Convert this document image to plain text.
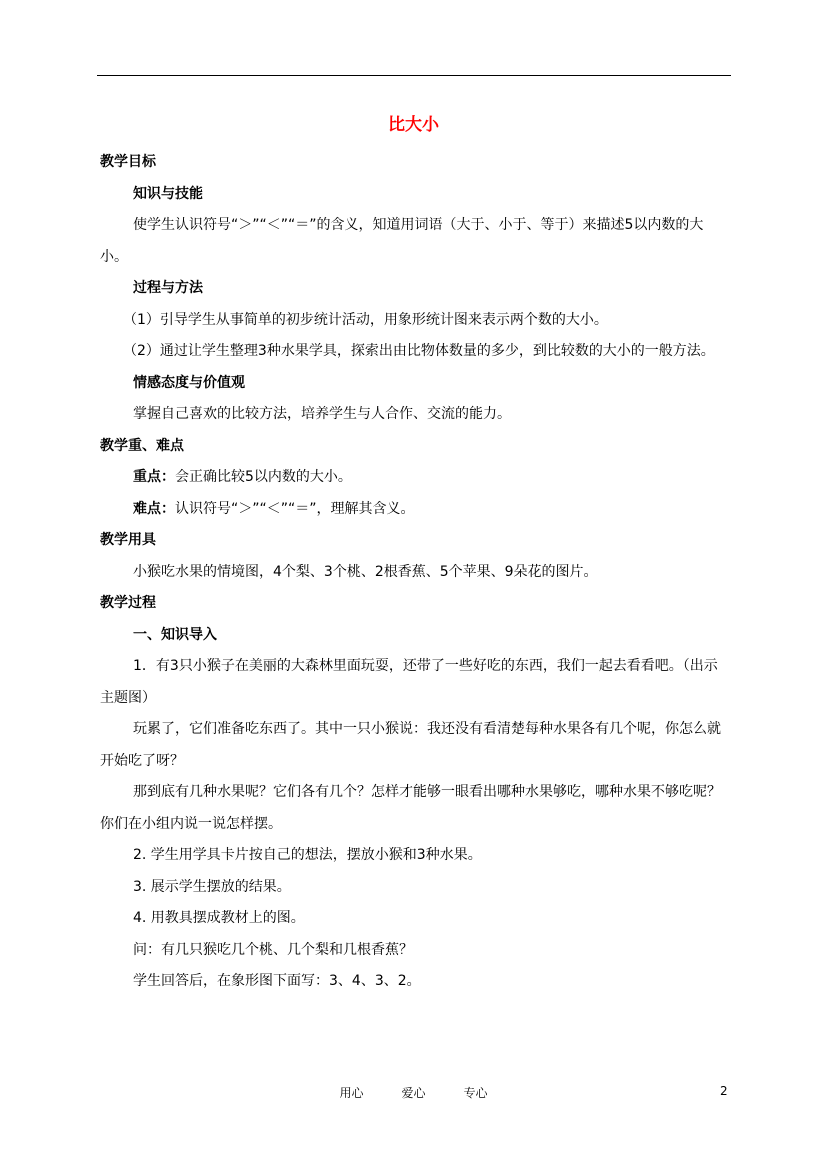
比大小

教学目标

知识与技能

使学生认识符号“＞”“＜”“＝”的含义，知道用词语（大于、小于、等于）来描述5以内数的大小。

过程与方法

（1）引导学生从事简单的初步统计活动，用象形统计图来表示两个数的大小。

（2）通过让学生整理3种水果学具，探索出由比物体数量的多少，到比较数的大小的一般方法。

情感态度与价值观

掌握自己喜欢的比较方法，培养学生与人合作、交流的能力。

教学重、难点

重点：会正确比较5以内数的大小。

难点：认识符号“＞”“＜”“＝”，理解其含义。

教学用具

小猴吃水果的情境图，4个梨、3个桃、2根香蕉、5个苹果、9朵花的图片。

教学过程

一、知识导入

1．有3只小猴子在美丽的大森林里面玩耍，还带了一些好吃的东西，我们一起去看看吧。（出示主题图）

玩累了，它们准备吃东西了。其中一只小猴说：我还没有看清楚每种水果各有几个呢，你怎么就开始吃了呀？

那到底有几种水果呢？它们各有几个？怎样才能够一眼看出哪种水果够吃，哪种水果不够吃呢？你们在小组内说一说怎样摆。

2. 学生用学具卡片按自己的想法，摆放小猴和3种水果。

3. 展示学生摆放的结果。

4. 用教具摆成教材上的图。

问：有几只猴吃几个桃、几个梨和几根香蕉？

学生回答后，在象形图下面写：3、4、3、2。

用心	爱心	专心	2
